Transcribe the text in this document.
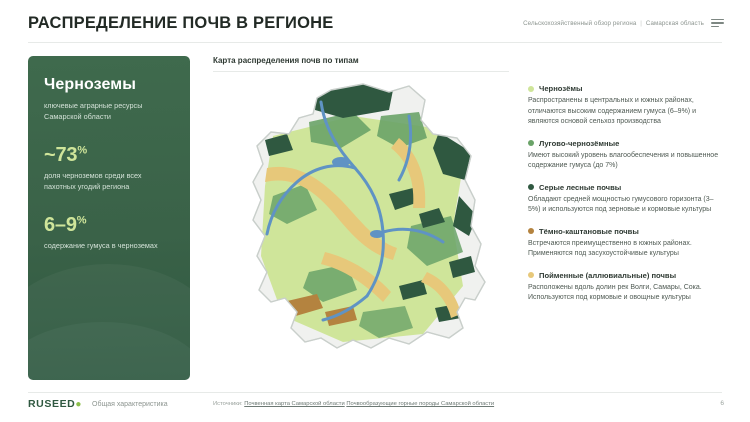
РАСПРЕДЕЛЕНИЕ ПОЧВ В РЕГИОНЕ	Сельскохозяйственный обзор региона | Самарская область
Черноземы
ключевые аграрные ресурсы Самарской области
~73%
доля черноземов среди всех пахотных угодий региона
6–9%
содержание гумуса в черноземах
Карта распределения почв по типам
Чернозёмы
Распространены в центральных и южных районах, отличаются высоким содержанием гумуса (6–9%) и являются основой сельхоз производства
Лугово-чернозёмные
Имеют высокий уровень влагообеспечения и повышенное содержание гумуса (до 7%)
Серые лесные почвы
Обладают средней мощностью гумусового горизонта (3–5%) и используются под зерновые и кормовые культуры
Тёмно-каштановые почвы
Встречаются преимущественно в южных районах. Применяются под засухоустойчивые культуры
Пойменные (аллювиальные) почвы
Расположены вдоль долин рек Волги, Самары, Сока. Используются под кормовые и овощные культуры
RUSEED● Общая характеристика	Источники: Почвенная карта Самарской области Почвообразующие горные породы Самарской области	6
